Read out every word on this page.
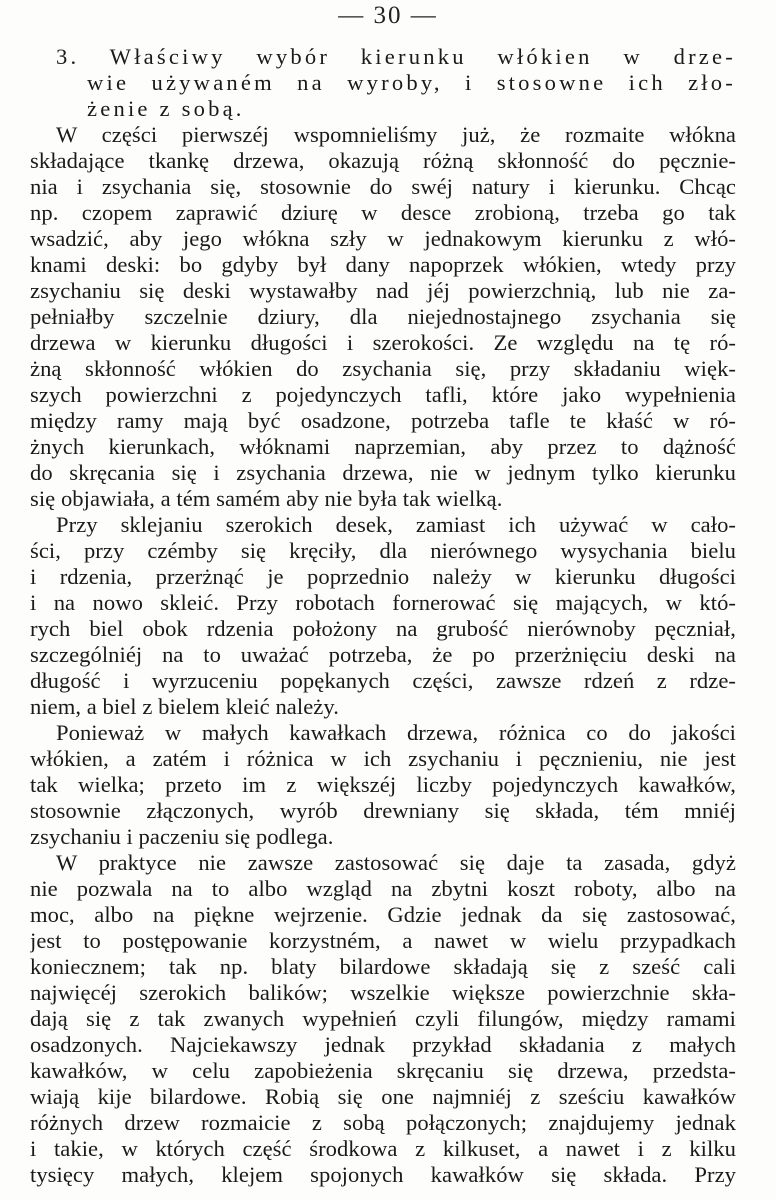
— 30 —
3. Właściwy wybór kierunku włókien w drze-
wie używaném na wyroby, i stosowne ich zło-
żenie z sobą.
W części pierwszéj wspomnieliśmy już, że rozmaite włókna
składające tkankę drzewa, okazują różną skłonność do pęcznie-
nia i zsychania się, stosownie do swéj natury i kierunku. Chcąc
np. czopem zaprawić dziurę w desce zrobioną, trzeba go tak
wsadzić, aby jego włókna szły w jednakowym kierunku z włó-
knami deski: bo gdyby był dany napoprzek włókien, wtedy przy
zsychaniu się deski wystawałby nad jéj powierzchnią, lub nie za-
pełniałby szczelnie dziury, dla niejednostajnego zsychania się
drzewa w kierunku długości i szerokości. Ze względu na tę ró-
żną skłonność włókien do zsychania się, przy składaniu więk-
szych powierzchni z pojedynczych tafli, które jako wypełnienia
między ramy mają być osadzone, potrzeba tafle te kłaść w ró-
żnych kierunkach, włóknami naprzemian, aby przez to dążność
do skręcania się i zsychania drzewa, nie w jednym tylko kierunku
się objawiała, a tém samém aby nie była tak wielką.
Przy sklejaniu szerokich desek, zamiast ich używać w cało-
ści, przy czémby się kręciły, dla nierównego wysychania bielu
i rdzenia, przerżnąć je poprzednio należy w kierunku długości
i na nowo skleić. Przy robotach fornerować się mających, w któ-
rych biel obok rdzenia położony na grubość nierównoby pęczniał,
szczególniéj na to uważać potrzeba, że po przerżnięciu deski na
długość i wyrzuceniu popękanych części, zawsze rdzeń z rdze-
niem, a biel z bielem kleić należy.
Ponieważ w małych kawałkach drzewa, różnica co do jakości
włókien, a zatém i różnica w ich zsychaniu i pęcznieniu, nie jest
tak wielka; przeto im z większéj liczby pojedynczych kawałków,
stosownie złączonych, wyrób drewniany się składa, tém mniéj
zsychaniu i paczeniu się podlega.
W praktyce nie zawsze zastosować się daje ta zasada, gdyż
nie pozwala na to albo wzgląd na zbytni koszt roboty, albo na
moc, albo na piękne wejrzenie. Gdzie jednak da się zastosować,
jest to postępowanie korzystném, a nawet w wielu przypadkach
koniecznem; tak np. blaty bilardowe składają się z sześć cali
najwięcéj szerokich balików; wszelkie większe powierzchnie skła-
dają się z tak zwanych wypełnień czyli filungów, między ramami
osadzonych. Najciekawszy jednak przykład składania z małych
kawałków, w celu zapobieżenia skręcaniu się drzewa, przedsta-
wiają kije bilardowe. Robią się one najmniéj z sześciu kawałków
różnych drzew rozmaicie z sobą połączonych; znajdujemy jednak
i takie, w których część środkowa z kilkuset, a nawet i z kilku
tysięcy małych, klejem spojonych kawałków się składa. Przy
